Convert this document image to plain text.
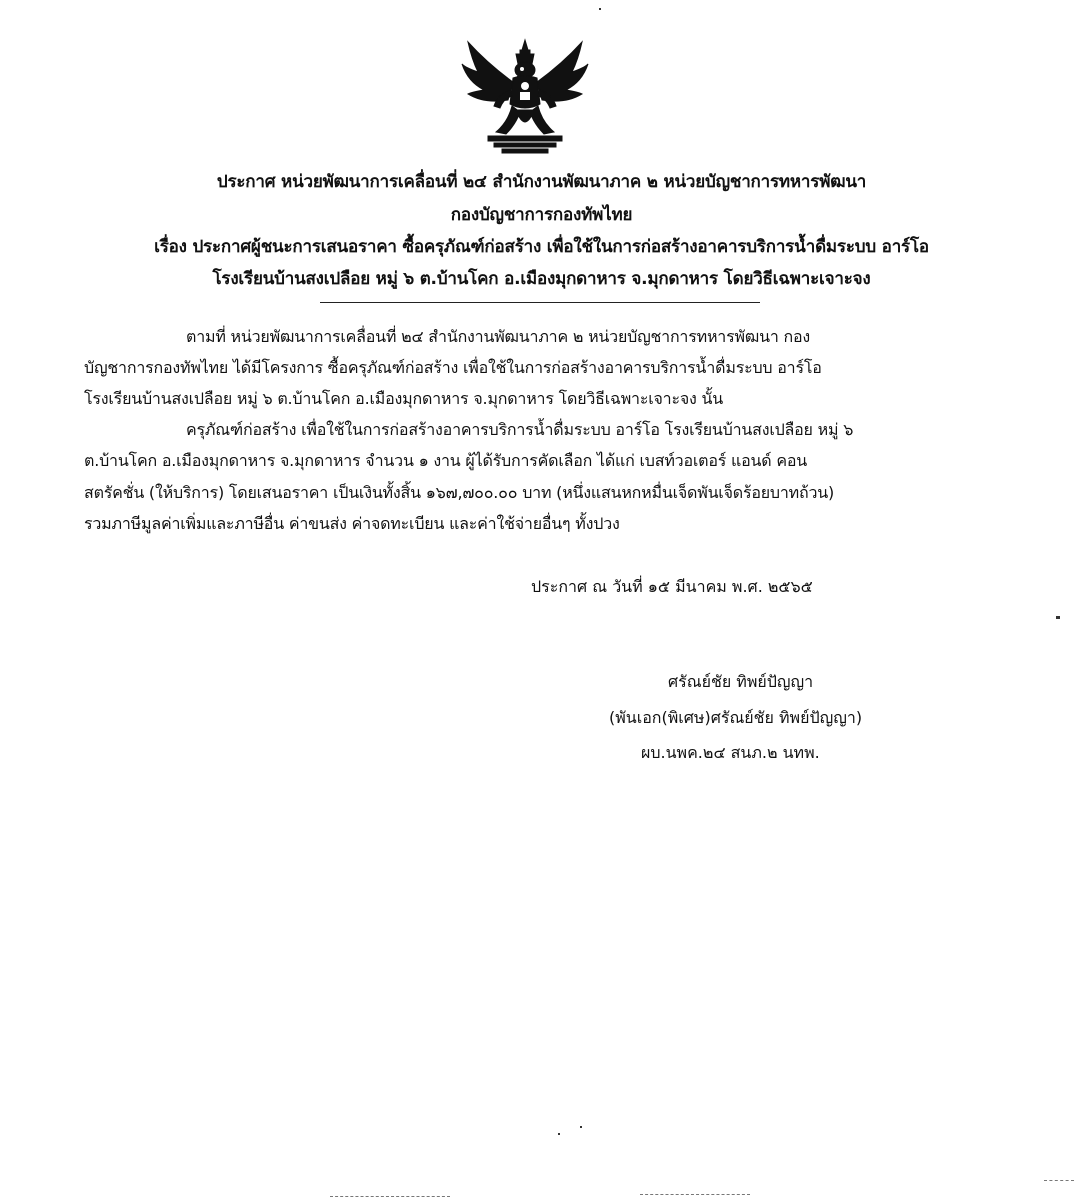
ประกาศ หน่วยพัฒนาการเคลื่อนที่ ๒๔ สำนักงานพัฒนาภาค ๒ หน่วยบัญชาการทหารพัฒนา
กองบัญชาการกองทัพไทย
เรื่อง ประกาศผู้ชนะการเสนอราคา ซื้อครุภัณฑ์ก่อสร้าง เพื่อใช้ในการก่อสร้างอาคารบริการน้ำดื่มระบบ อาร์โอ
โรงเรียนบ้านสงเปลือย หมู่ ๖ ต.บ้านโคก อ.เมืองมุกดาหาร จ.มุกดาหาร โดยวิธีเฉพาะเจาะจง
ตามที่ หน่วยพัฒนาการเคลื่อนที่ ๒๔ สำนักงานพัฒนาภาค ๒ หน่วยบัญชาการทหารพัฒนา กอง
บัญชาการกองทัพไทย ได้มีโครงการ ซื้อครุภัณฑ์ก่อสร้าง เพื่อใช้ในการก่อสร้างอาคารบริการน้ำดื่มระบบ อาร์โอ
โรงเรียนบ้านสงเปลือย หมู่ ๖ ต.บ้านโคก อ.เมืองมุกดาหาร จ.มุกดาหาร โดยวิธีเฉพาะเจาะจง นั้น
ครุภัณฑ์ก่อสร้าง เพื่อใช้ในการก่อสร้างอาคารบริการน้ำดื่มระบบ อาร์โอ โรงเรียนบ้านสงเปลือย หมู่ ๖
ต.บ้านโคก อ.เมืองมุกดาหาร จ.มุกดาหาร จำนวน ๑ งาน ผู้ได้รับการคัดเลือก ได้แก่ เบสท์วอเตอร์ แอนด์ คอน
สตรัคชั่น (ให้บริการ) โดยเสนอราคา เป็นเงินทั้งสิ้น ๑๖๗,๗๐๐.๐๐ บาท (หนึ่งแสนหกหมื่นเจ็ดพันเจ็ดร้อยบาทถ้วน)
รวมภาษีมูลค่าเพิ่มและภาษีอื่น ค่าขนส่ง ค่าจดทะเบียน และค่าใช้จ่ายอื่นๆ ทั้งปวง
ประกาศ ณ วันที่ ๑๕ มีนาคม พ.ศ. ๒๕๖๕
ศรัณย์ชัย ทิพย์ปัญญา
(พันเอก(พิเศษ)ศรัณย์ชัย ทิพย์ปัญญา)
ผบ.นพค.๒๔ สนภ.๒ นทพ.
